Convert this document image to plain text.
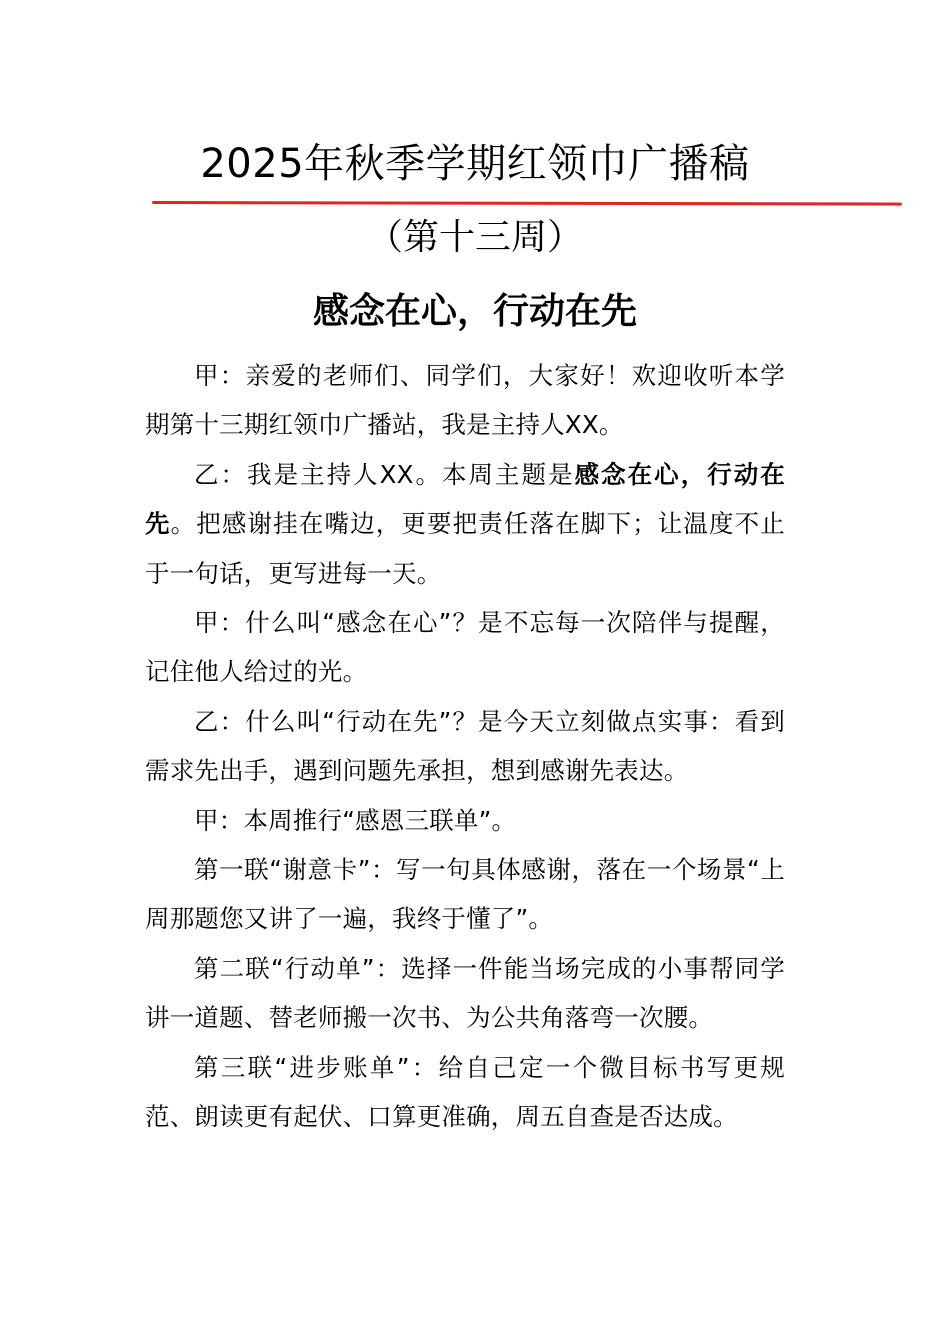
2025年秋季学期红领巾广播稿
（第十三周）
感念在心，行动在先

甲：亲爱的老师们、同学们，大家好！欢迎收听本学期第十三期红领巾广播站，我是主持人XX。

乙：我是主持人XX。本周主题是感念在心，行动在先。把感谢挂在嘴边，更要把责任落在脚下；让温度不止于一句话，更写进每一天。

甲：什么叫“感念在心”？是不忘每一次陪伴与提醒，记住他人给过的光。

乙：什么叫“行动在先”？是今天立刻做点实事：看到需求先出手，遇到问题先承担，想到感谢先表达。

甲：本周推行“感恩三联单”。

第一联“谢意卡”：写一句具体感谢，落在一个场景“上周那题您又讲了一遍，我终于懂了”。

第二联“行动单”：选择一件能当场完成的小事帮同学讲一道题、替老师搬一次书、为公共角落弯一次腰。

第三联“进步账单”：给自己定一个微目标书写更规范、朗读更有起伏、口算更准确，周五自查是否达成。
